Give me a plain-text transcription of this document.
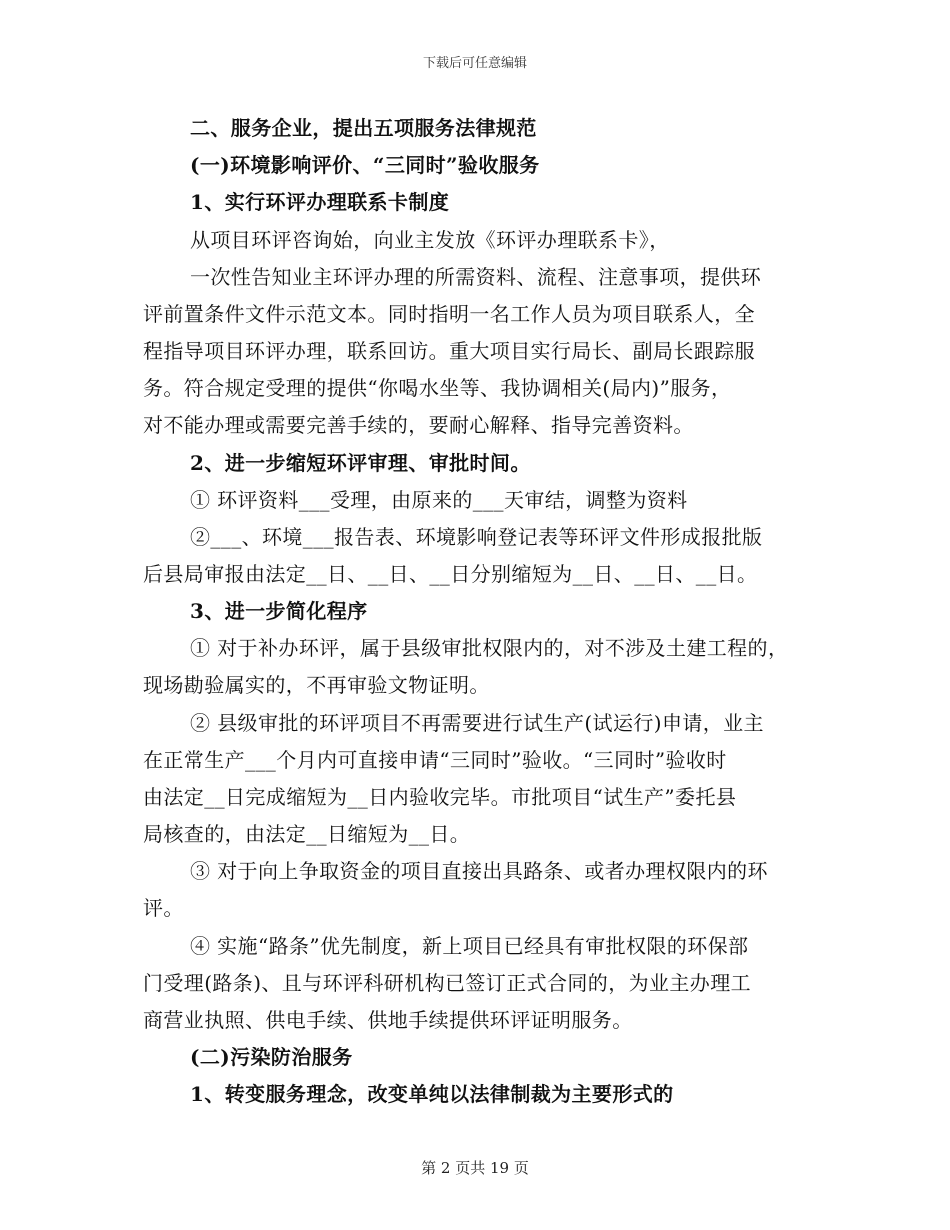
下载后可任意编辑
二、服务企业，提出五项服务法律规范
(一)环境影响评价、“三同时”验收服务
1、实行环评办理联系卡制度
从项目环评咨询始，向业主发放《环评办理联系卡》，
一次性告知业主环评办理的所需资料、流程、注意事项，提供环
评前置条件文件示范文本。同时指明一名工作人员为项目联系人，全
程指导项目环评办理，联系回访。重大项目实行局长、副局长跟踪服
务。符合规定受理的提供“你喝水坐等、我协调相关(局内)”服务，
对不能办理或需要完善手续的，要耐心解释、指导完善资料。
2、进一步缩短环评审理、审批时间。
① 环评资料___受理，由原来的___天审结，调整为资料
②___、环境___报告表、环境影响登记表等环评文件形成报批版
后县局审报由法定__日、__日、__日分别缩短为__日、__日、__日。
3、进一步简化程序
① 对于补办环评，属于县级审批权限内的，对不涉及土建工程的，
现场勘验属实的，不再审验文物证明。
② 县级审批的环评项目不再需要进行试生产(试运行)申请，业主
在正常生产___个月内可直接申请“三同时”验收。“三同时”验收时
由法定__日完成缩短为__日内验收完毕。市批项目“试生产”委托县
局核查的，由法定__日缩短为__日。
③ 对于向上争取资金的项目直接出具路条、或者办理权限内的环
评。
④ 实施“路条”优先制度，新上项目已经具有审批权限的环保部
门受理(路条)、且与环评科研机构已签订正式合同的，为业主办理工
商营业执照、供电手续、供地手续提供环评证明服务。
(二)污染防治服务
1、转变服务理念，改变单纯以法律制裁为主要形式的
第 2 页共 19 页
